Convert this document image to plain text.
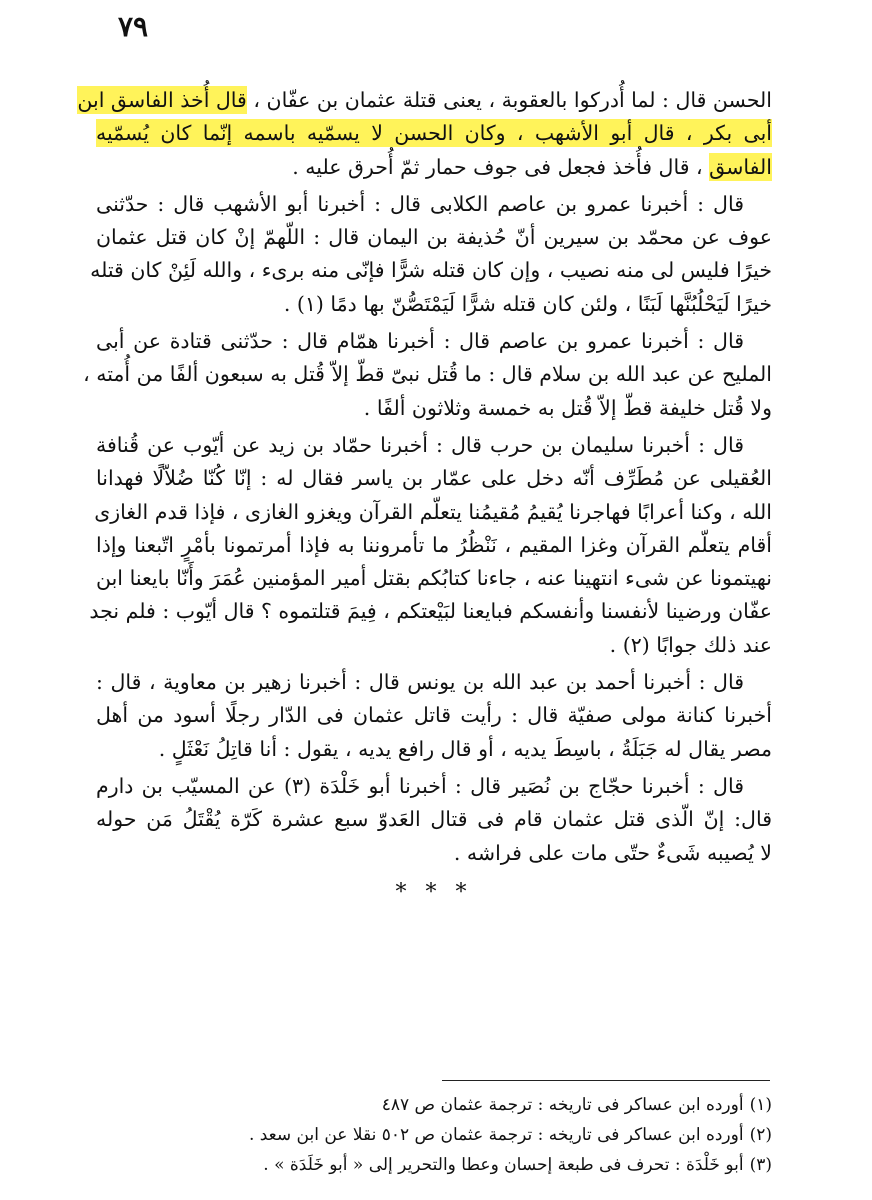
٧٩

الحسن قال : لما أُدركوا بالعقوبة ، يعنى قتلة عثمان بن عفّان ، قال أُخذ الفاسق ابن
أبى بكر ، قال أبو الأشهب ، وكان الحسن لا يسمّيه باسمه إنّما كان يُسمّيه
الفاسق ، قال فأُخذ فجعل فى جوف حمار ثمّ أُحرق عليه .
قال : أخبرنا عمرو بن عاصم الكلابى قال : أخبرنا أبو الأشهب قال : حدّثنى
عوف عن محمّد بن سيرين أنّ حُذيفة بن اليمان قال : اللّهمّ إنْ كان قتل عثمان
خيرًا فليس لى منه نصيب ، وإن كان قتله شرًّا فإنّى منه برىء ، والله لَئِنْ كان قتله
خيرًا لَيَحْلُبُنَّها لَبَنًا ، ولئن كان قتله شرًّا لَيَمْتَصُّنّ بها دمًا (١) .
قال : أخبرنا عمرو بن عاصم قال : أخبرنا همّام قال : حدّثنى قتادة عن أبى
المليح عن عبد الله بن سلام قال : ما قُتل نبىّ قطّ إلاّ قُتل به سبعون ألفًا من أُمته ،
ولا قُتل خليفة قطّ إلاّ قُتل به خمسة وثلاثون ألفًا .
قال : أخبرنا سليمان بن حرب قال : أخبرنا حمّاد بن زيد عن أيّوب عن قُنافة
العُقيلى عن مُطَرِّف أنّه دخل على عمّار بن ياسر فقال له : إنّا كُنّا ضُلاّلًا فهدانا
الله ، وكنا أعرابًا فهاجرنا يُقيمُ مُقيمُنا يتعلّم القرآن ويغزو الغازى ، فإذا قدم الغازى
أقام يتعلّم القرآن وغزا المقيم ، نَنْظُرُ ما تأمروننا به فإذا أمرتمونا بأمْرٍ اتّبعنا وإذا
نهيتمونا عن شىء انتهينا عنه ، جاءنا كتابُكم بقتل أمير المؤمنين عُمَرَ وأَنّا بايعنا ابن
عفّان ورضينا لأنفسنا وأنفسكم فبايعنا لبَيْعتكم ، فِيمَ قتلتموه ؟ قال أيّوب : فلم نجد
عند ذلك جوابًا (٢) .
قال : أخبرنا أحمد بن عبد الله بن يونس قال : أخبرنا زهير بن معاوية ، قال :
أخبرنا كنانة مولى صفيّة قال : رأيت قاتل عثمان فى الدّار رجلًا أسود من أهل
مصر يقال له جَبَلَةُ ، باسِطَ يديه ، أو قال رافع يديه ، يقول : أنا قاتِلُ نَعْثَلٍ .
قال : أخبرنا حجّاج بن نُصَير قال : أخبرنا أبو خَلْدَة (٣) عن المسيّب بن دارم
قال: إنّ الّذى قتل عثمان قام فى قتال العَدوّ سبع عشرة كَرّة يُقْتَلُ مَن حوله
لا يُصيبه شَىءٌ حتّى مات على فراشه .
* * *
(١)أورده ابن عساكر فى تاريخه : ترجمة عثمان ص ٤٨٧
(٢)أورده ابن عساكر فى تاريخه : ترجمة عثمان ص ٥٠٢ نقلا عن ابن سعد .
(٣)أبو خَلْدَة : تحرف فى طبعة إحسان وعطا والتحرير إلى « أبو خَلَدَة » .
